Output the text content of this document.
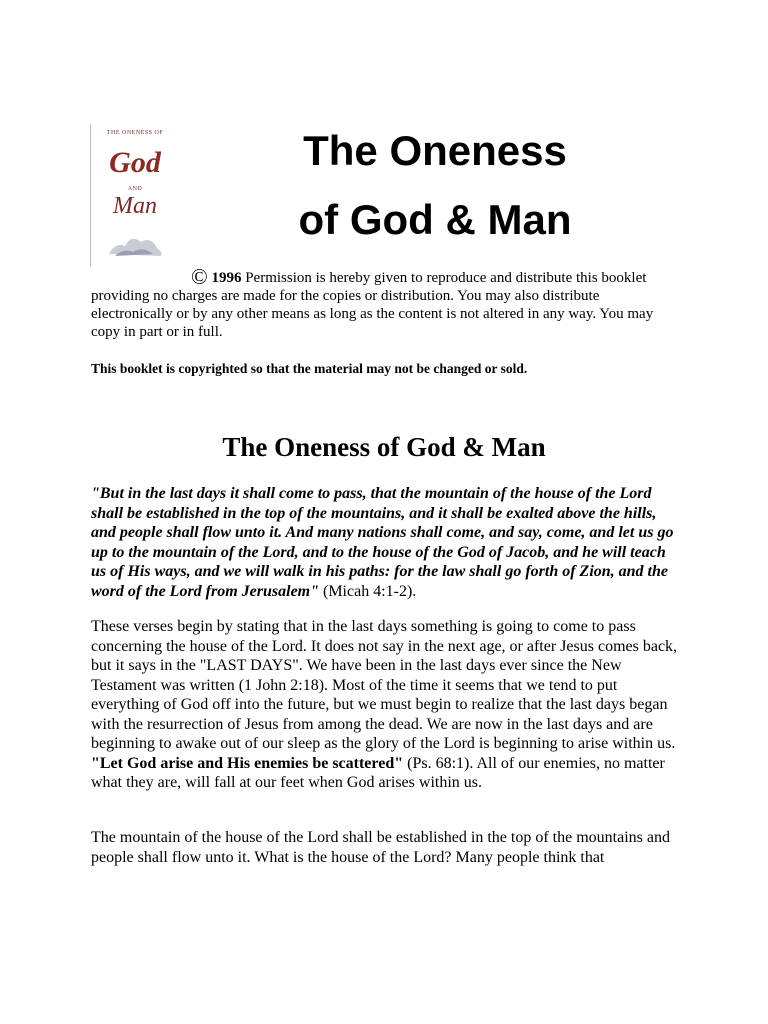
THE ONENESS OF
God
AND
Man
The Oneness
of God & Man
© 1996 Permission is hereby given to reproduce and distribute this booklet providing no charges are made for the copies or distribution. You may also distribute electronically or by any other means as long as the content is not altered in any way. You may copy in part or in full.
This booklet is copyrighted so that the material may not be changed or sold.
The Oneness of God & Man
"But in the last days it shall come to pass, that the mountain of the house of the Lord shall be established in the top of the mountains, and it shall be exalted above the hills, and people shall flow unto it. And many nations shall come, and say, come, and let us go up to the mountain of the Lord, and to the house of the God of Jacob, and he will teach us of His ways, and we will walk in his paths: for the law shall go forth of Zion, and the word of the Lord from Jerusalem" (Micah 4:1-2).
These verses begin by stating that in the last days something is going to come to pass concerning the house of the Lord. It does not say in the next age, or after Jesus comes back, but it says in the "LAST DAYS". We have been in the last days ever since the New Testament was written (1 John 2:18). Most of the time it seems that we tend to put everything of God off into the future, but we must begin to realize that the last days began with the resurrection of Jesus from among the dead. We are now in the last days and are beginning to awake out of our sleep as the glory of the Lord is beginning to arise within us. "Let God arise and His enemies be scattered" (Ps. 68:1). All of our enemies, no matter what they are, will fall at our feet when God arises within us.
The mountain of the house of the Lord shall be established in the top of the mountains and people shall flow unto it. What is the house of the Lord? Many people think that
